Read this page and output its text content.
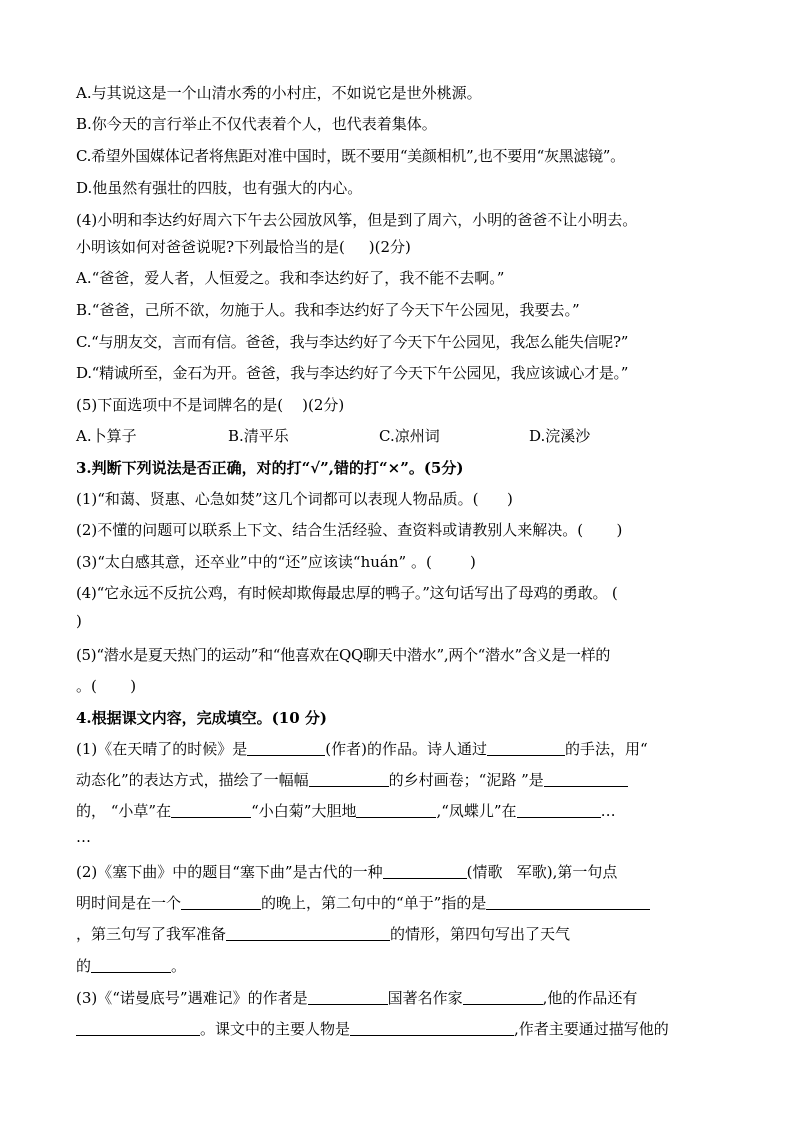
A.与其说这是一个山清水秀的小村庄，不如说它是世外桃源。
B.你今天的言行举止不仅代表着个人，也代表着集体。
C.希望外国媒体记者将焦距对准中国时，既不要用“美颜相机”,也不要用“灰黑滤镜”。
D.他虽然有强壮的四肢，也有强大的内心。
(4)小明和李达约好周六下午去公园放风筝，但是到了周六，小明的爸爸不让小明去。
小明该如何对爸爸说呢?下列最恰当的是(     )(2分)
A.“爸爸，爱人者，人恒爱之。我和李达约好了，我不能不去啊。”
B.“爸爸，己所不欲，勿施于人。我和李达约好了今天下午公园见，我要去。”
C.“与朋友交，言而有信。爸爸，我与李达约好了今天下午公园见，我怎么能失信呢?”
D.“精诚所至，金石为开。爸爸，我与李达约好了今天下午公园见，我应该诚心才是。”
(5)下面选项中不是词牌名的是(    )(2分)
A.卜算子	B.清平乐	C.凉州词	D.浣溪沙
3.判断下列说法是否正确，对的打“√”,错的打“×”。(5分)
(1)“和蔼、贤惠、心急如焚”这几个词都可以表现人物品质。(      )
(2)不懂的问题可以联系上下文、结合生活经验、查资料或请教别人来解决。(       )
(3)“太白感其意，还卒业”中的“还”应该读“huán” 。(        )
(4)“它永远不反抗公鸡，有时候却欺侮最忠厚的鸭子。”这句话写出了母鸡的勇敢。 (
)
(5)“潜水是夏天热门的运动”和“他喜欢在QQ聊天中潜水”,两个“潜水”含义是一样的
。(       )
4.根据课文内容，完成填空。(10 分)
(1)《在天晴了的时候》是	(作者)的作品。诗人通过	的手法，用“
动态化”的表达方式，描绘了一幅幅	的乡村画卷；“泥路 ”是
的， “小草”在	“小白菊”大胆地	,“凤蝶儿”在	…
…
(2)《塞下曲》中的题目“塞下曲”是古代的一种	(情歌   军歌),第一句点
明时间是在一个	的晚上，第二句中的“单于”指的是
，第三句写了我军准备	的情形，第四句写出了天气
的	。
(3)《“诺曼底号”遇难记》的作者是	国著名作家	,他的作品还有
。课文中的主要人物是	,作者主要通过描写他的
